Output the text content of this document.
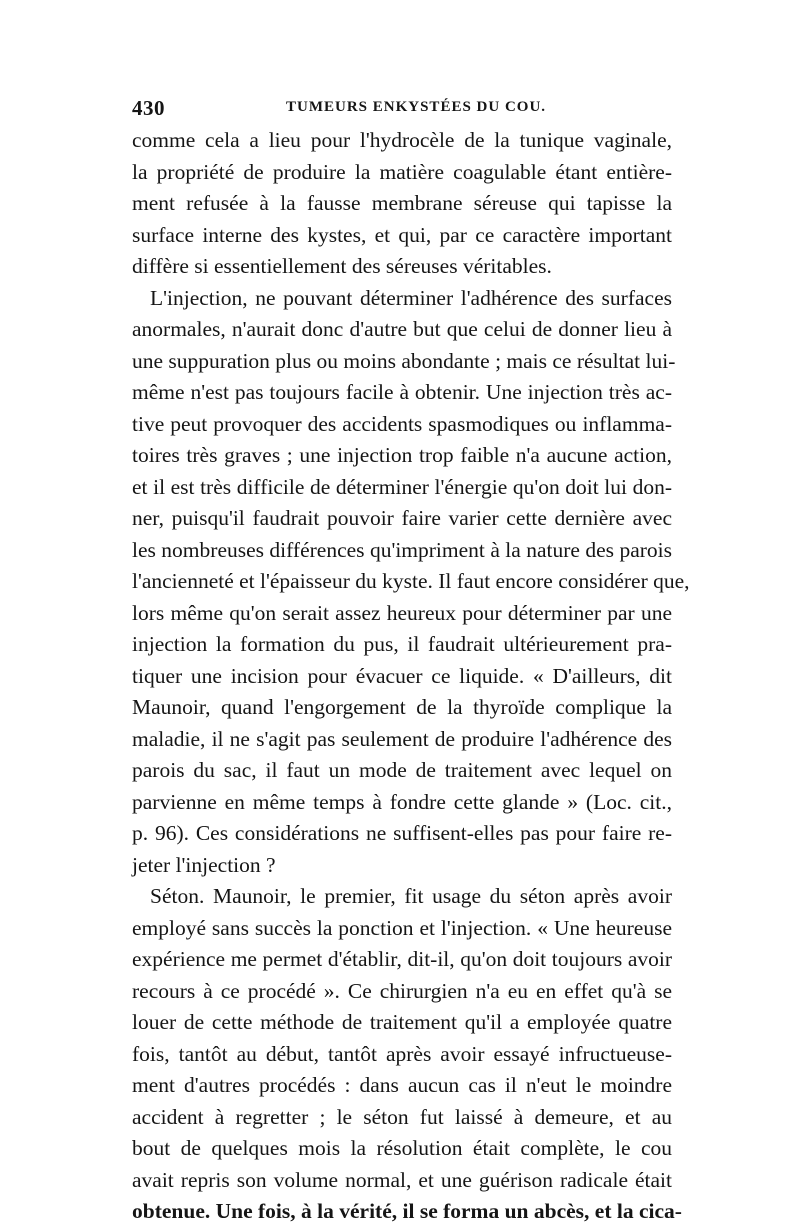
430	TUMEURS ENKYSTÉES DU COU.
comme cela a lieu pour l'hydrocèle de la tunique vaginale,
la propriété de produire la matière coagulable étant entière-
ment refusée à la fausse membrane séreuse qui tapisse la
surface interne des kystes, et qui, par ce caractère important
diffère si essentiellement des séreuses véritables.
L'injection, ne pouvant déterminer l'adhérence des surfaces
anormales, n'aurait donc d'autre but que celui de donner lieu à
une suppuration plus ou moins abondante ; mais ce résultat lui-
même n'est pas toujours facile à obtenir. Une injection très ac-
tive peut provoquer des accidents spasmodiques ou inflamma-
toires très graves ; une injection trop faible n'a aucune action,
et il est très difficile de déterminer l'énergie qu'on doit lui don-
ner, puisqu'il faudrait pouvoir faire varier cette dernière avec
les nombreuses différences qu'impriment à la nature des parois
l'ancienneté et l'épaisseur du kyste. Il faut encore considérer que,
lors même qu'on serait assez heureux pour déterminer par une
injection la formation du pus, il faudrait ultérieurement pra-
tiquer une incision pour évacuer ce liquide. « D'ailleurs, dit
Maunoir, quand l'engorgement de la thyroïde complique la
maladie, il ne s'agit pas seulement de produire l'adhérence des
parois du sac, il faut un mode de traitement avec lequel on
parvienne en même temps à fondre cette glande » (Loc. cit.,
p. 96). Ces considérations ne suffisent-elles pas pour faire re-
jeter l'injection ?
Séton. Maunoir, le premier, fit usage du séton après avoir
employé sans succès la ponction et l'injection. « Une heureuse
expérience me permet d'établir, dit-il, qu'on doit toujours avoir
recours à ce procédé ». Ce chirurgien n'a eu en effet qu'à se
louer de cette méthode de traitement qu'il a employée quatre
fois, tantôt au début, tantôt après avoir essayé infructueuse-
ment d'autres procédés : dans aucun cas il n'eut le moindre
accident à regretter ; le séton fut laissé à demeure, et au
bout de quelques mois la résolution était complète, le cou
avait repris son volume normal, et une guérison radicale était
obtenue. Une fois, à la vérité, il se forma un abcès, et la cica-
